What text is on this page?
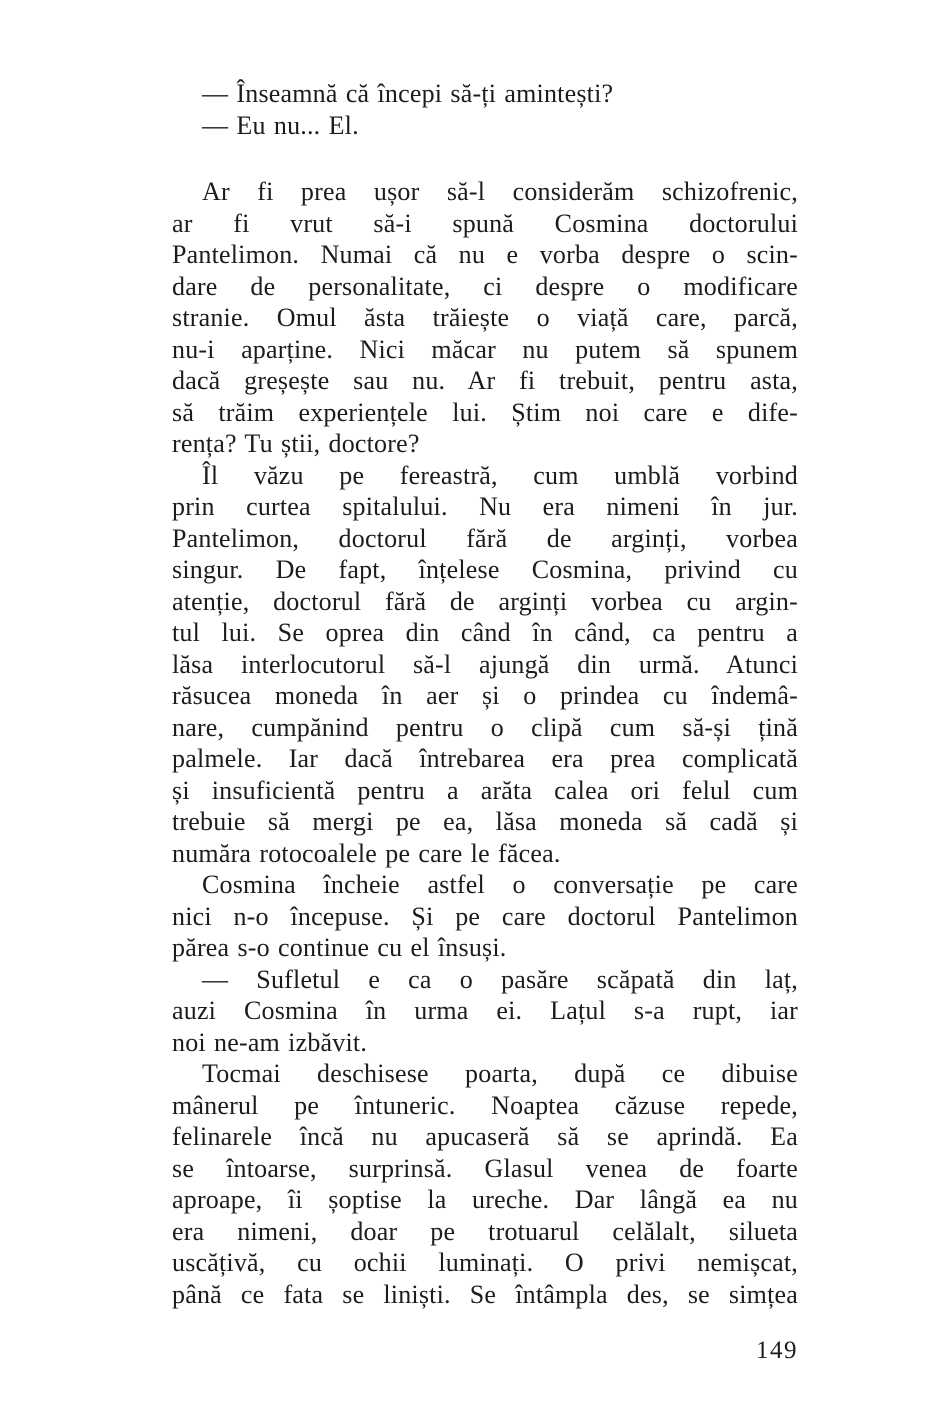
— Înseamnă că începi să-ți amintești?
— Eu nu... El.
Ar fi prea ușor să-l considerăm schizofrenic,
ar fi vrut să-i spună Cosmina doctorului
Pantelimon. Numai că nu e vorba despre o scin-
dare de personalitate, ci despre o modificare
stranie. Omul ăsta trăiește o viață care, parcă,
nu-i aparține. Nici măcar nu putem să spunem
dacă greșește sau nu. Ar fi trebuit, pentru asta,
să trăim experiențele lui. Știm noi care e dife-
rența? Tu știi, doctore?
Îl văzu pe fereastră, cum umblă vorbind
prin curtea spitalului. Nu era nimeni în jur.
Pantelimon, doctorul fără de arginți, vorbea
singur. De fapt, înțelese Cosmina, privind cu
atenție, doctorul fără de arginți vorbea cu argin-
tul lui. Se oprea din când în când, ca pentru a
lăsa interlocutorul să-l ajungă din urmă. Atunci
răsucea moneda în aer și o prindea cu îndemâ-
nare, cumpănind pentru o clipă cum să-și țină
palmele. Iar dacă întrebarea era prea complicată
și insuficientă pentru a arăta calea ori felul cum
trebuie să mergi pe ea, lăsa moneda să cadă și
număra rotocoalele pe care le făcea.
Cosmina încheie astfel o conversație pe care
nici n-o începuse. Și pe care doctorul Pantelimon
părea s-o continue cu el însuși.
— Sufletul e ca o pasăre scăpată din laț,
auzi Cosmina în urma ei. Lațul s-a rupt, iar
noi ne-am izbăvit.
Tocmai deschisese poarta, după ce dibuise
mânerul pe întuneric. Noaptea căzuse repede,
felinarele încă nu apucaseră să se aprindă. Ea
se întoarse, surprinsă. Glasul venea de foarte
aproape, îi șoptise la ureche. Dar lângă ea nu
era nimeni, doar pe trotuarul celălalt, silueta
uscățivă, cu ochii luminați. O privi nemișcat,
până ce fata se liniști. Se întâmpla des, se simțea
149
